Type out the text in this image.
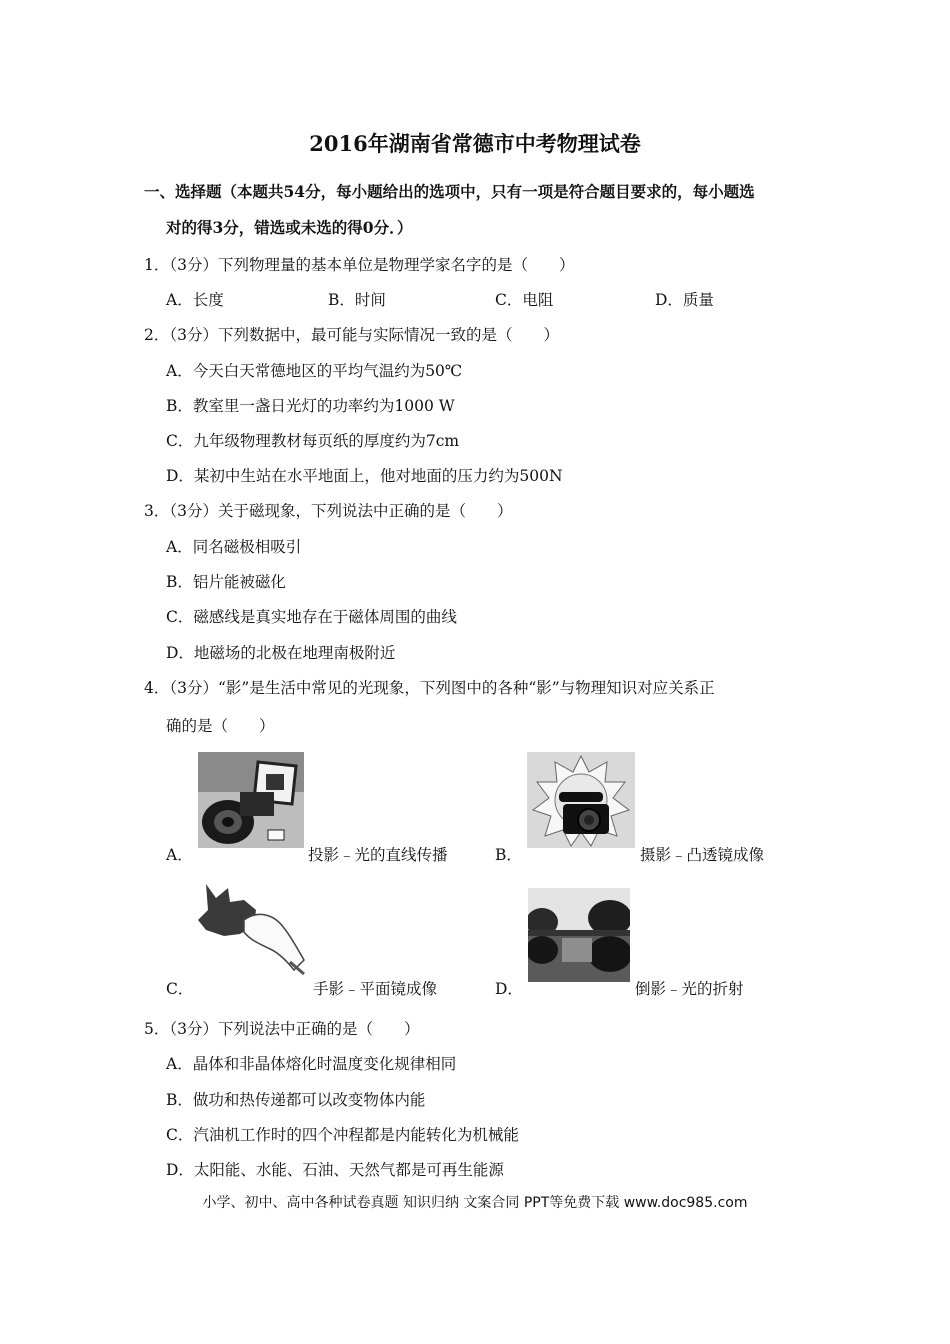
2016年湖南省常德市中考物理试卷
一、选择题（本题共54分，每小题给出的选项中，只有一项是符合题目要求的，每小题选
对的得3分，错选或未选的得0分．）
1．（3分）下列物理量的基本单位是物理学家名字的是（　　）
A．长度	B．时间	C．电阻	D．质量
2．（3分）下列数据中，最可能与实际情况一致的是（　　）
A．今天白天常德地区的平均气温约为50℃
B．教室里一盏日光灯的功率约为1000 W
C．九年级物理教材每页纸的厚度约为7cm
D．某初中生站在水平地面上，他对地面的压力约为500N
3．（3分）关于磁现象，下列说法中正确的是（　　）
A．同名磁极相吸引
B．铝片能被磁化
C．磁感线是真实地存在于磁体周围的曲线
D．地磁场的北极在地理南极附近
4．（3分）“影”是生活中常见的光现象，下列图中的各种“影”与物理知识对应关系正
确的是（　　）
A．	投影﹣光的直线传播	B．	摄影﹣凸透镜成像
C．	手影﹣平面镜成像	D．	倒影﹣光的折射
5．（3分）下列说法中正确的是（　　）
A．晶体和非晶体熔化时温度变化规律相同
B．做功和热传递都可以改变物体内能
C．汽油机工作时的四个冲程都是内能转化为机械能
D．太阳能、水能、石油、天然气都是可再生能源
小学、初中、高中各种试卷真题 知识归纳 文案合同 PPT等免费下载 www.doc985.com
